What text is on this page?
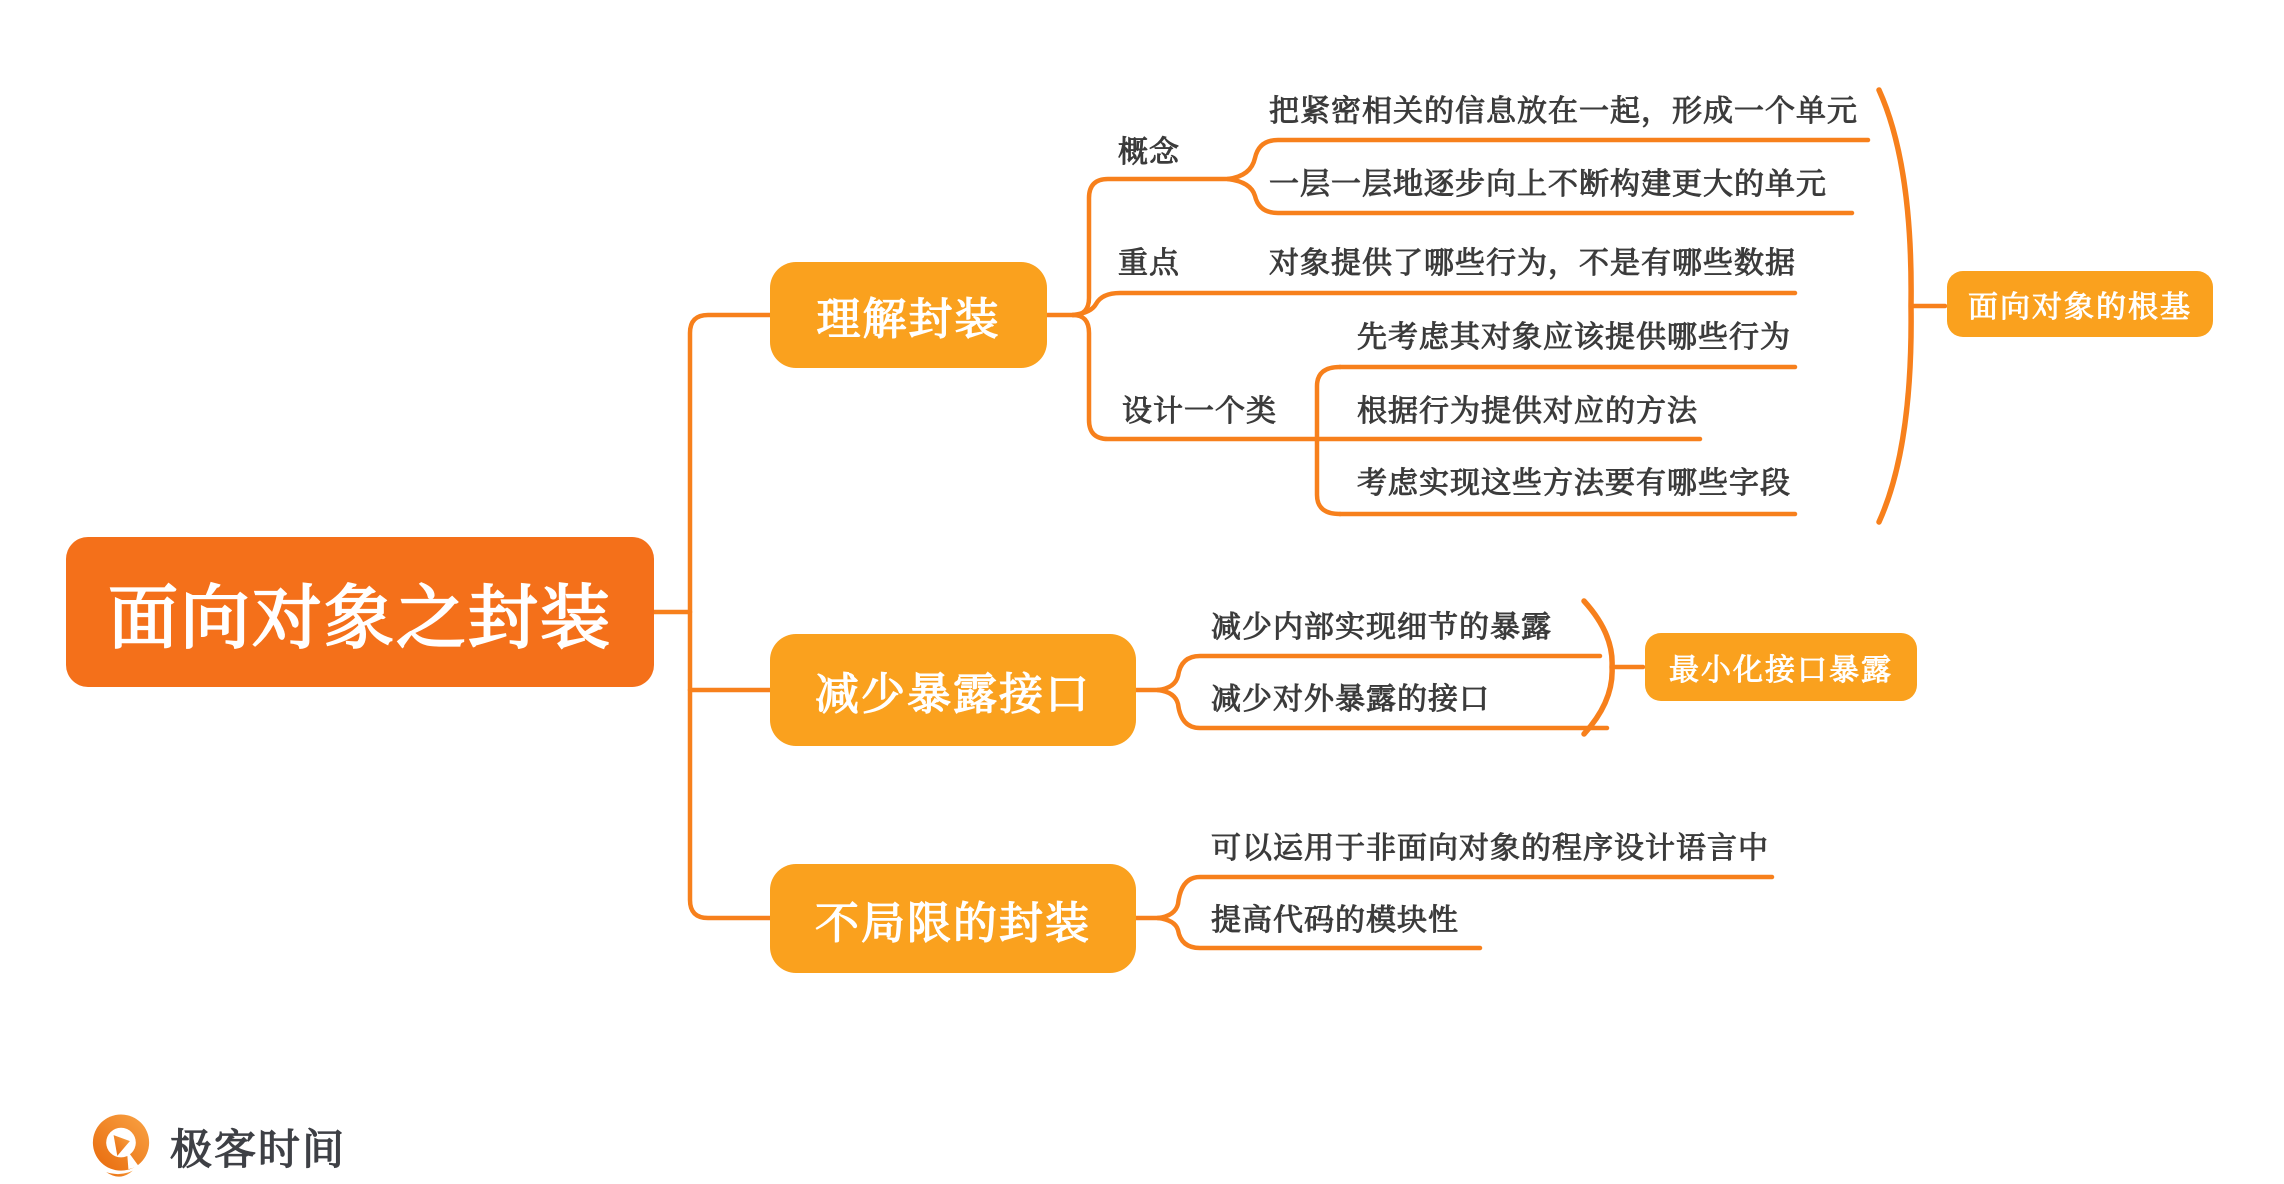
面向对象之封装
理解封装
减少暴露接口
不局限的封装
面向对象的根基
最小化接口暴露
概念
把紧密相关的信息放在一起，形成一个单元
一层一层地逐步向上不断构建更大的单元
重点	对象提供了哪些行为，不是有哪些数据
设计一个类
先考虑其对象应该提供哪些行为
根据行为提供对应的方法
考虑实现这些方法要有哪些字段
减少内部实现细节的暴露
减少对外暴露的接口
可以运用于非面向对象的程序设计语言中
提高代码的模块性
极客时间
